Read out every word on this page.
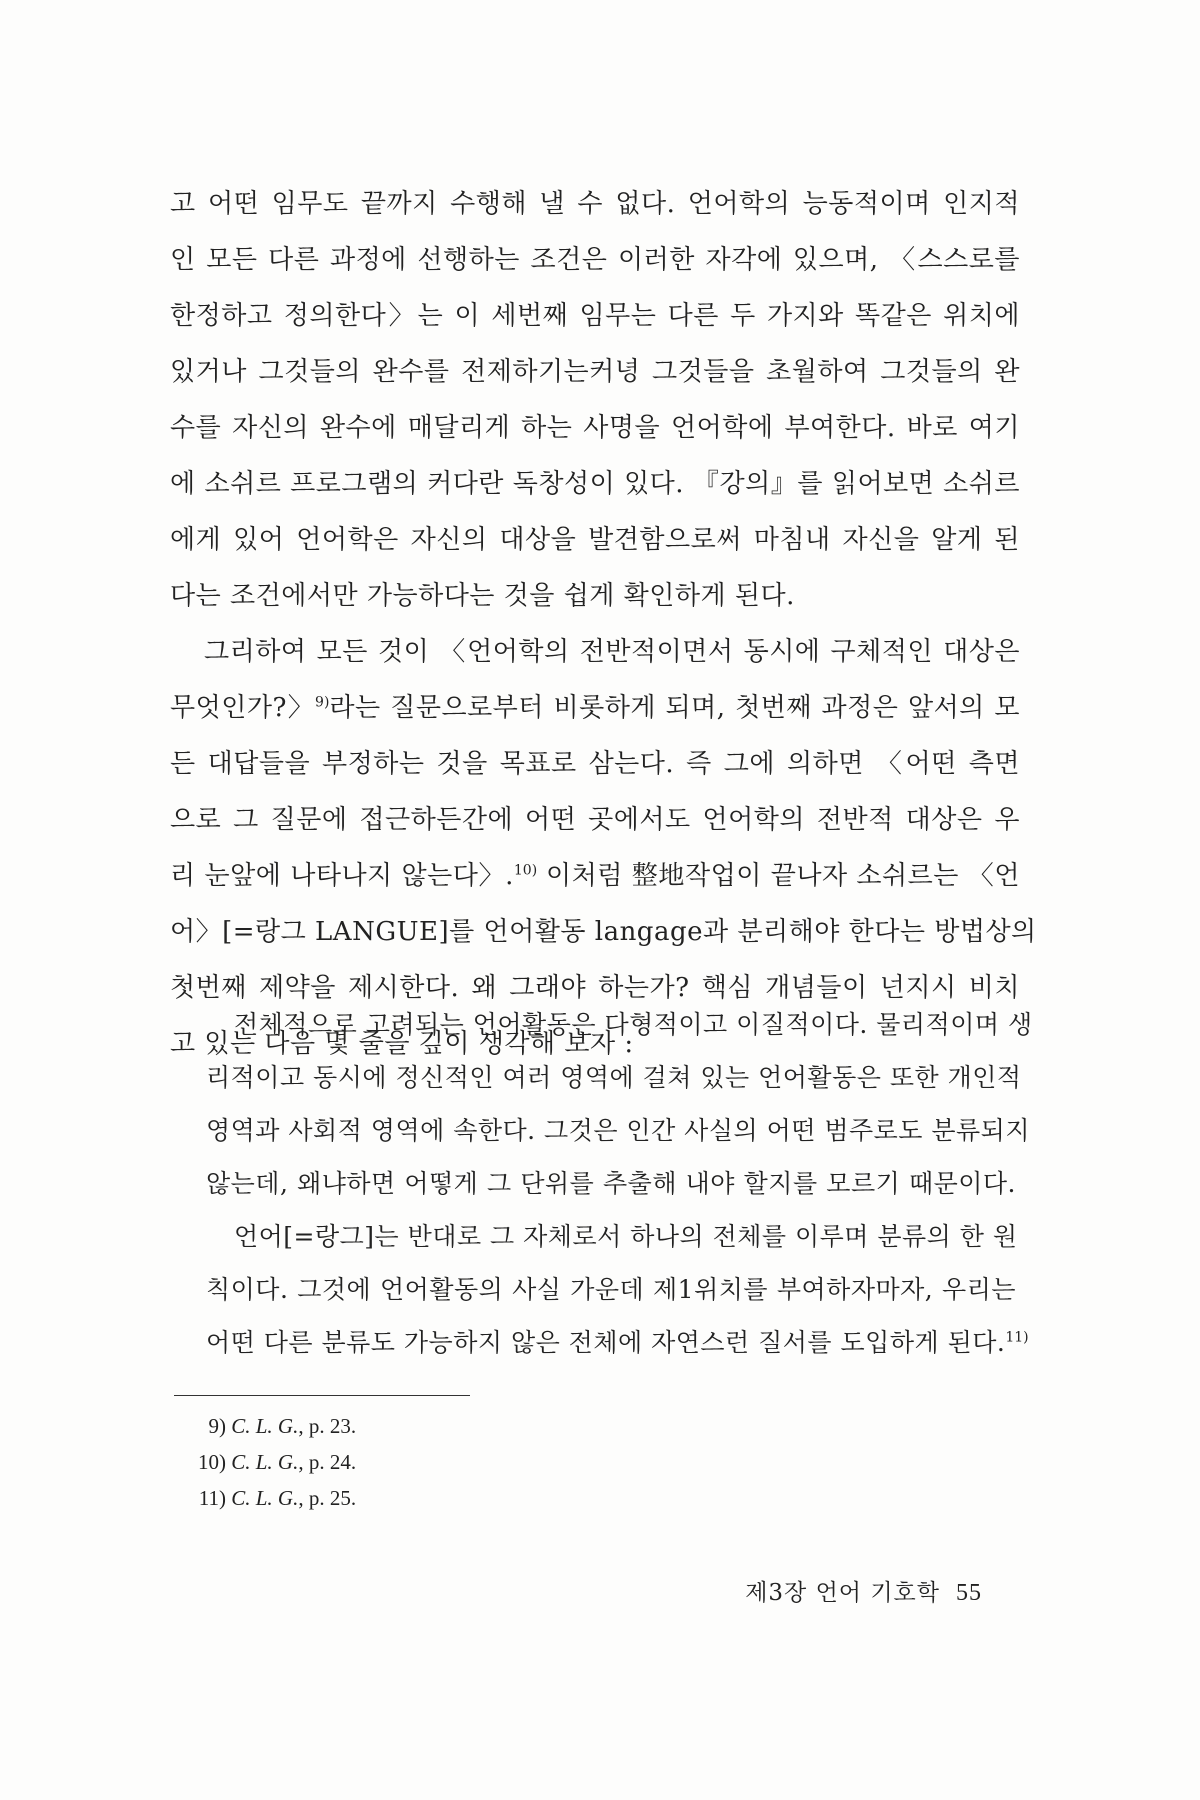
고 어떤 임무도 끝까지 수행해 낼 수 없다. 언어학의 능동적이며 인지적
인 모든 다른 과정에 선행하는 조건은 이러한 자각에 있으며, 〈스스로를
한정하고 정의한다〉는 이 세번째 임무는 다른 두 가지와 똑같은 위치에
있거나 그것들의 완수를 전제하기는커녕 그것들을 초월하여 그것들의 완
수를 자신의 완수에 매달리게 하는 사명을 언어학에 부여한다. 바로 여기
에 소쉬르 프로그램의 커다란 독창성이 있다. 『강의』를 읽어보면 소쉬르
에게 있어 언어학은 자신의 대상을 발견함으로써 마침내 자신을 알게 된
다는 조건에서만 가능하다는 것을 쉽게 확인하게 된다.
그리하여 모든 것이 〈언어학의 전반적이면서 동시에 구체적인 대상은
무엇인가?〉$^{9)}$라는 질문으로부터 비롯하게 되며, 첫번째 과정은 앞서의 모
든 대답들을 부정하는 것을 목표로 삼는다. 즉 그에 의하면 〈어떤 측면
으로 그 질문에 접근하든간에 어떤 곳에서도 언어학의 전반적 대상은 우
리 눈앞에 나타나지 않는다〉.$^{10)}$ 이처럼 整地작업이 끝나자 소쉬르는 〈언
어〉[=랑그 LANGUE]를 언어활동 langage과 분리해야 한다는 방법상의
첫번째 제약을 제시한다. 왜 그래야 하는가? 핵심 개념들이 넌지시 비치
고 있는 다음 몇 줄을 깊이 생각해 보자 :
전체적으로 고려되는 언어활동은 다형적이고 이질적이다. 물리적이며 생
리적이고 동시에 정신적인 여러 영역에 걸쳐 있는 언어활동은 또한 개인적
영역과 사회적 영역에 속한다. 그것은 인간 사실의 어떤 범주로도 분류되지
않는데, 왜냐하면 어떻게 그 단위를 추출해 내야 할지를 모르기 때문이다.
언어[=랑그]는 반대로 그 자체로서 하나의 전체를 이루며 분류의 한 원
칙이다. 그것에 언어활동의 사실 가운데 제1위치를 부여하자마자, 우리는
어떤 다른 분류도 가능하지 않은 전체에 자연스런 질서를 도입하게 된다.$^{11)}$
9) C. L. G., p. 23.
10) C. L. G., p. 24.
11) C. L. G., p. 25.
제3장 언어 기호학 55
